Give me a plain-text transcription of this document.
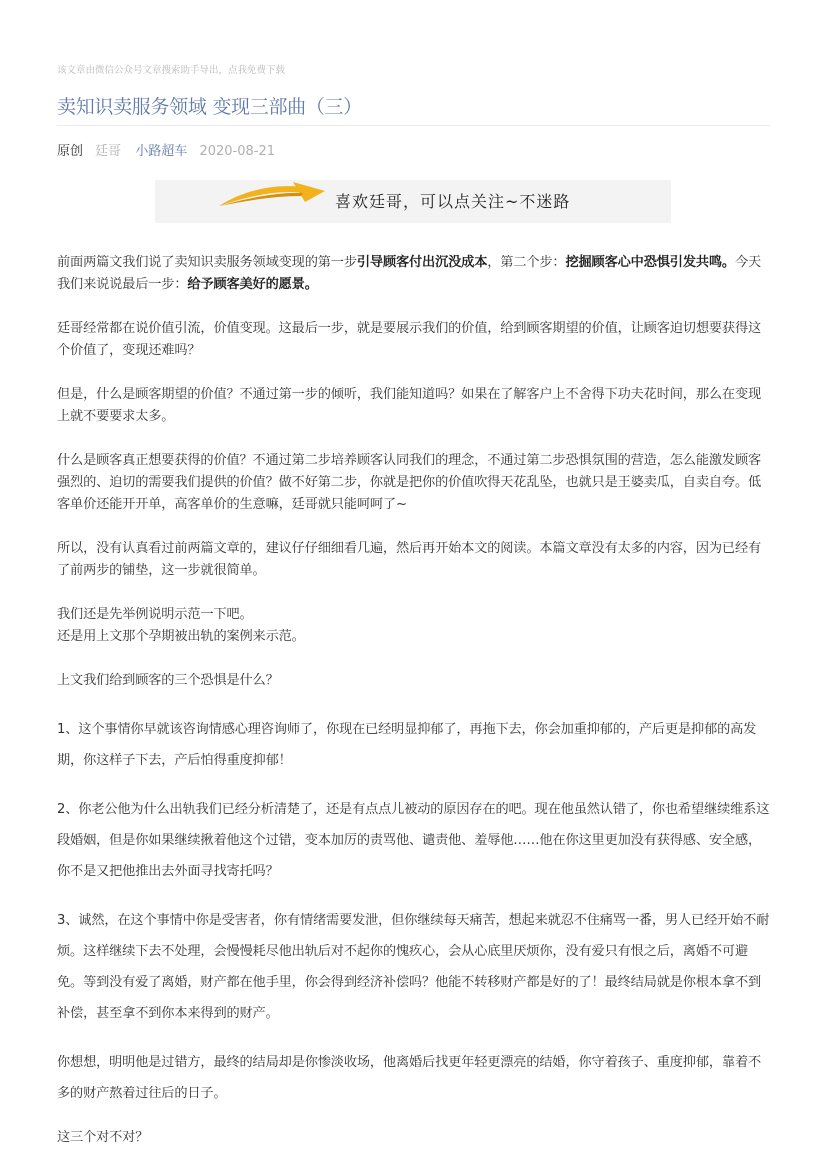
该文章由微信公众号文章搜索助手导出，点我免费下载
卖知识卖服务领域 变现三部曲（三）
原创 廷哥 小路超车 2020-08-21
喜欢廷哥，可以点关注~不迷路

前面两篇文我们说了卖知识卖服务领域变现的第一步引导顾客付出沉没成本，第二个步：挖掘顾客心中恐惧引发共鸣。今天我们来说说最后一步：给予顾客美好的愿景。

廷哥经常都在说价值引流，价值变现。这最后一步，就是要展示我们的价值，给到顾客期望的价值，让顾客迫切想要获得这个价值了，变现还难吗？

但是，什么是顾客期望的价值？不通过第一步的倾听，我们能知道吗？如果在了解客户上不舍得下功夫花时间，那么在变现上就不要要求太多。

什么是顾客真正想要获得的价值？不通过第二步培养顾客认同我们的理念，不通过第二步恐惧氛围的营造，怎么能激发顾客强烈的、迫切的需要我们提供的价值？做不好第二步，你就是把你的价值吹得天花乱坠，也就只是王婆卖瓜，自卖自夸。低客单价还能开开单，高客单价的生意嘛，廷哥就只能呵呵了~

所以，没有认真看过前两篇文章的，建议仔仔细细看几遍，然后再开始本文的阅读。本篇文章没有太多的内容，因为已经有了前两步的铺垫，这一步就很简单。

我们还是先举例说明示范一下吧。

还是用上文那个孕期被出轨的案例来示范。

上文我们给到顾客的三个恐惧是什么？

1、这个事情你早就该咨询情感心理咨询师了，你现在已经明显抑郁了，再拖下去，你会加重抑郁的，产后更是抑郁的高发期，你这样子下去，产后怕得重度抑郁！

2、你老公他为什么出轨我们已经分析清楚了，还是有点点儿被动的原因存在的吧。现在他虽然认错了，你也希望继续维系这段婚姻，但是你如果继续揪着他这个过错，变本加厉的责骂他、谴责他、羞辱他……他在你这里更加没有获得感、安全感，你不是又把他推出去外面寻找寄托吗？

3、诚然，在这个事情中你是受害者，你有情绪需要发泄，但你继续每天痛苦，想起来就忍不住痛骂一番，男人已经开始不耐烦。这样继续下去不处理，会慢慢耗尽他出轨后对不起你的愧疚心，会从心底里厌烦你，没有爱只有恨之后，离婚不可避免。等到没有爱了离婚，财产都在他手里，你会得到经济补偿吗？他能不转移财产都是好的了！最终结局就是你根本拿不到补偿，甚至拿不到你本来得到的财产。

你想想，明明他是过错方，最终的结局却是你惨淡收场，他离婚后找更年轻更漂亮的结婚，你守着孩子、重度抑郁，靠着不多的财产熬着过往后的日子。

这三个对不对？
